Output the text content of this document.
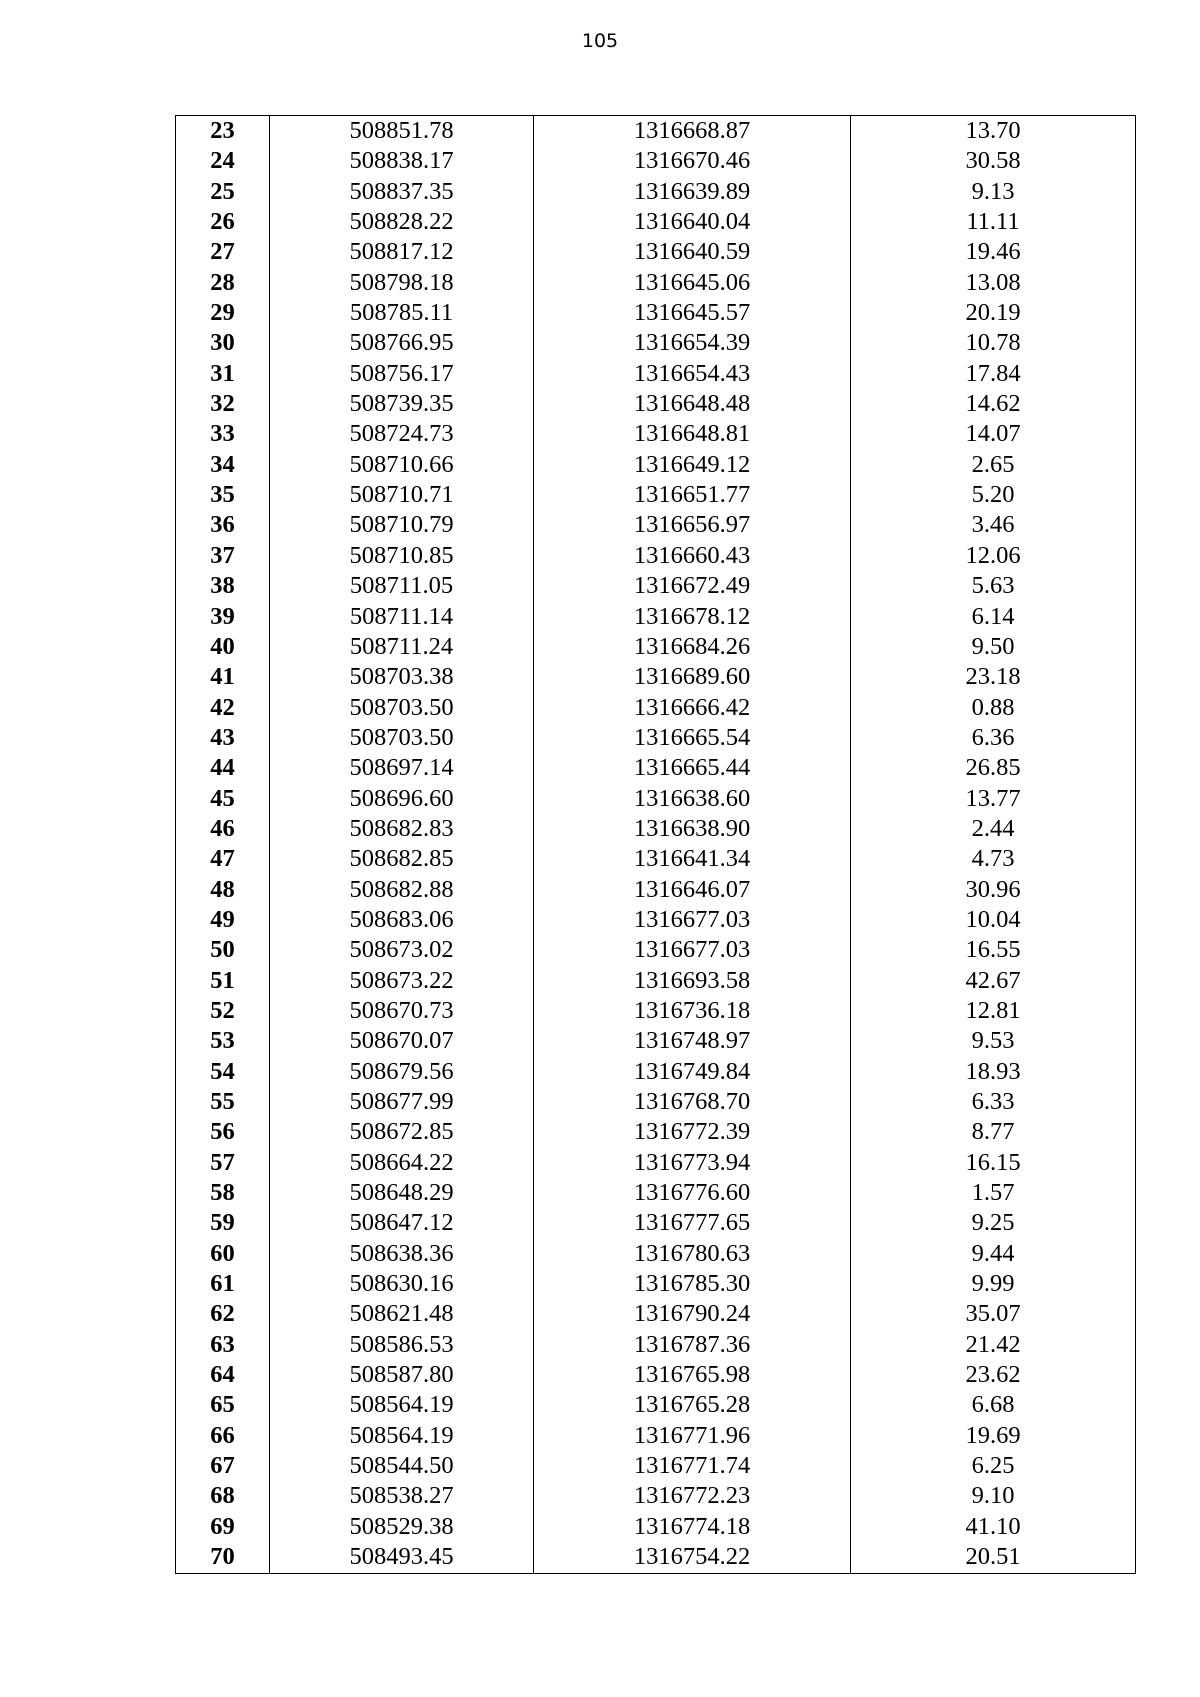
105
23	508851.78	1316668.87	13.70
24	508838.17	1316670.46	30.58
25	508837.35	1316639.89	9.13
26	508828.22	1316640.04	11.11
27	508817.12	1316640.59	19.46
28	508798.18	1316645.06	13.08
29	508785.11	1316645.57	20.19
30	508766.95	1316654.39	10.78
31	508756.17	1316654.43	17.84
32	508739.35	1316648.48	14.62
33	508724.73	1316648.81	14.07
34	508710.66	1316649.12	2.65
35	508710.71	1316651.77	5.20
36	508710.79	1316656.97	3.46
37	508710.85	1316660.43	12.06
38	508711.05	1316672.49	5.63
39	508711.14	1316678.12	6.14
40	508711.24	1316684.26	9.50
41	508703.38	1316689.60	23.18
42	508703.50	1316666.42	0.88
43	508703.50	1316665.54	6.36
44	508697.14	1316665.44	26.85
45	508696.60	1316638.60	13.77
46	508682.83	1316638.90	2.44
47	508682.85	1316641.34	4.73
48	508682.88	1316646.07	30.96
49	508683.06	1316677.03	10.04
50	508673.02	1316677.03	16.55
51	508673.22	1316693.58	42.67
52	508670.73	1316736.18	12.81
53	508670.07	1316748.97	9.53
54	508679.56	1316749.84	18.93
55	508677.99	1316768.70	6.33
56	508672.85	1316772.39	8.77
57	508664.22	1316773.94	16.15
58	508648.29	1316776.60	1.57
59	508647.12	1316777.65	9.25
60	508638.36	1316780.63	9.44
61	508630.16	1316785.30	9.99
62	508621.48	1316790.24	35.07
63	508586.53	1316787.36	21.42
64	508587.80	1316765.98	23.62
65	508564.19	1316765.28	6.68
66	508564.19	1316771.96	19.69
67	508544.50	1316771.74	6.25
68	508538.27	1316772.23	9.10
69	508529.38	1316774.18	41.10
70	508493.45	1316754.22	20.51
